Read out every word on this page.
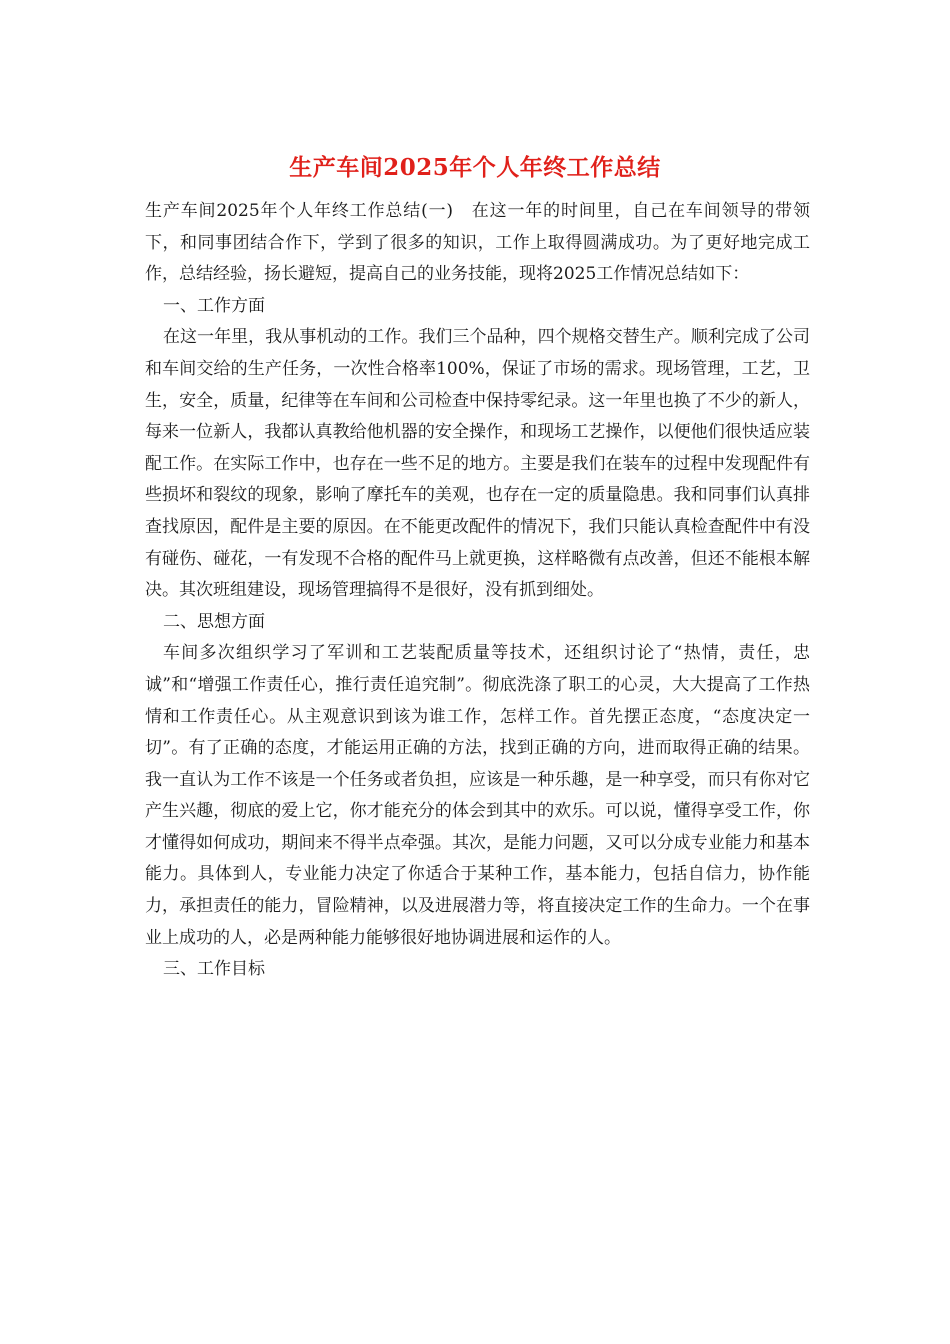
生产车间2025年个人年终工作总结

生产车间2025年个人年终工作总结(一)　在这一年的时间里，自己在车间领导的带领下，和同事团结合作下，学到了很多的知识，工作上取得圆满成功。为了更好地完成工作，总结经验，扬长避短，提高自己的业务技能，现将2025工作情况总结如下：

一、工作方面

在这一年里，我从事机动的工作。我们三个品种，四个规格交替生产。顺利完成了公司和车间交给的生产任务，一次性合格率100%，保证了市场的需求。现场管理，工艺，卫生，安全，质量，纪律等在车间和公司检查中保持零纪录。这一年里也换了不少的新人，每来一位新人，我都认真教给他机器的安全操作，和现场工艺操作，以便他们很快适应装配工作。在实际工作中，也存在一些不足的地方。主要是我们在装车的过程中发现配件有些损坏和裂纹的现象，影响了摩托车的美观，也存在一定的质量隐患。我和同事们认真排查找原因，配件是主要的原因。在不能更改配件的情况下，我们只能认真检查配件中有没有碰伤、碰花，一有发现不合格的配件马上就更换，这样略微有点改善，但还不能根本解决。其次班组建设，现场管理搞得不是很好，没有抓到细处。

二、思想方面

车间多次组织学习了军训和工艺装配质量等技术，还组织讨论了“热情，责任，忠诚”和“增强工作责任心，推行责任追究制”。彻底洗涤了职工的心灵，大大提高了工作热情和工作责任心。从主观意识到该为谁工作，怎样工作。首先摆正态度，“态度决定一切”。有了正确的态度，才能运用正确的方法，找到正确的方向，进而取得正确的结果。我一直认为工作不该是一个任务或者负担，应该是一种乐趣，是一种享受，而只有你对它产生兴趣，彻底的爱上它，你才能充分的体会到其中的欢乐。可以说，懂得享受工作，你才懂得如何成功，期间来不得半点牵强。其次，是能力问题，又可以分成专业能力和基本能力。具体到人，专业能力决定了你适合于某种工作，基本能力，包括自信力，协作能力，承担责任的能力，冒险精神，以及进展潜力等，将直接决定工作的生命力。一个在事业上成功的人，必是两种能力能够很好地协调进展和运作的人。

三、工作目标
